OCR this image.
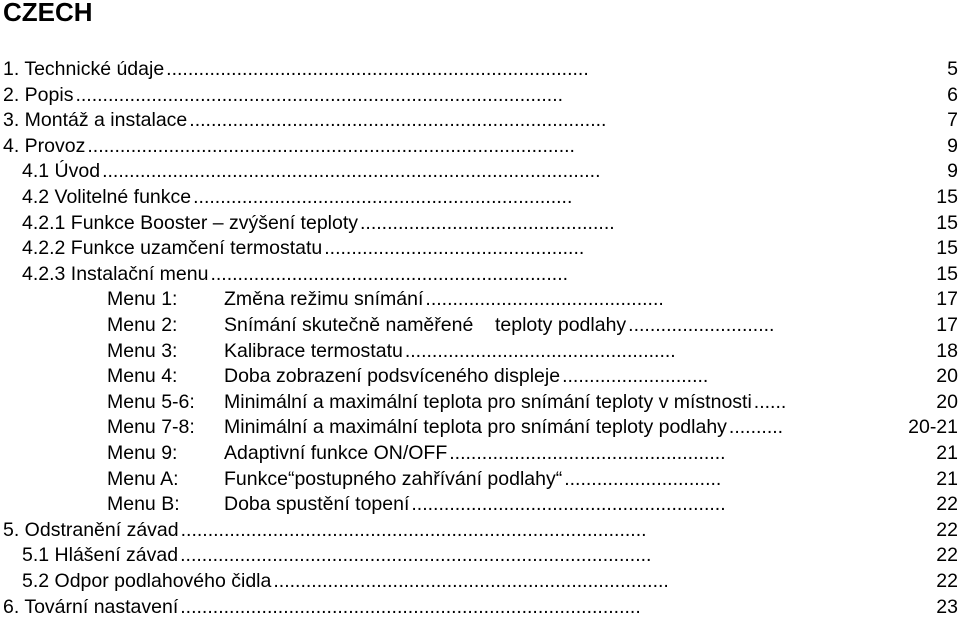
CZECH
1. Technické údaje ..............................................................................	5
2. Popis ..........................................................................................	6
3. Montáž a instalace .............................................................................	7
4. Provoz ..........................................................................................	9
4.1 Úvod ............................................................................................	9
4.2 Volitelné funkce ......................................................................	15
4.2.1 Funkce Booster – zvýšení teploty ...............................................	15
4.2.2 Funkce uzamčení termostatu ................................................	15
4.2.3 Instalační menu ..................................................................	15
Menu 1: Změna režimu snímání ............................................	17
Menu 2: Snímání skutečně naměřené    teploty podlahy ...........................	17
Menu 3: Kalibrace termostatu ..................................................	18
Menu 4: Doba zobrazení podsvíceného displeje ...........................	20
Menu 5-6: Minimální a maximální teplota pro snímání teploty v místnosti ......	20
Menu 7-8: Minimální a maximální teplota pro snímání teploty podlahy ..........	20-21
Menu 9: Adaptivní funkce ON/OFF ...................................................	21
Menu A: Funkce“postupného zahřívání podlahy“ .............................	21
Menu B: Doba spustění topení ..........................................................	22
5. Odstranění závad ......................................................................................	22
5.1 Hlášení závad .......................................................................................	22
5.2 Odpor podlahového čidla .........................................................................	22
6. Tovární nastavení .....................................................................................	23
